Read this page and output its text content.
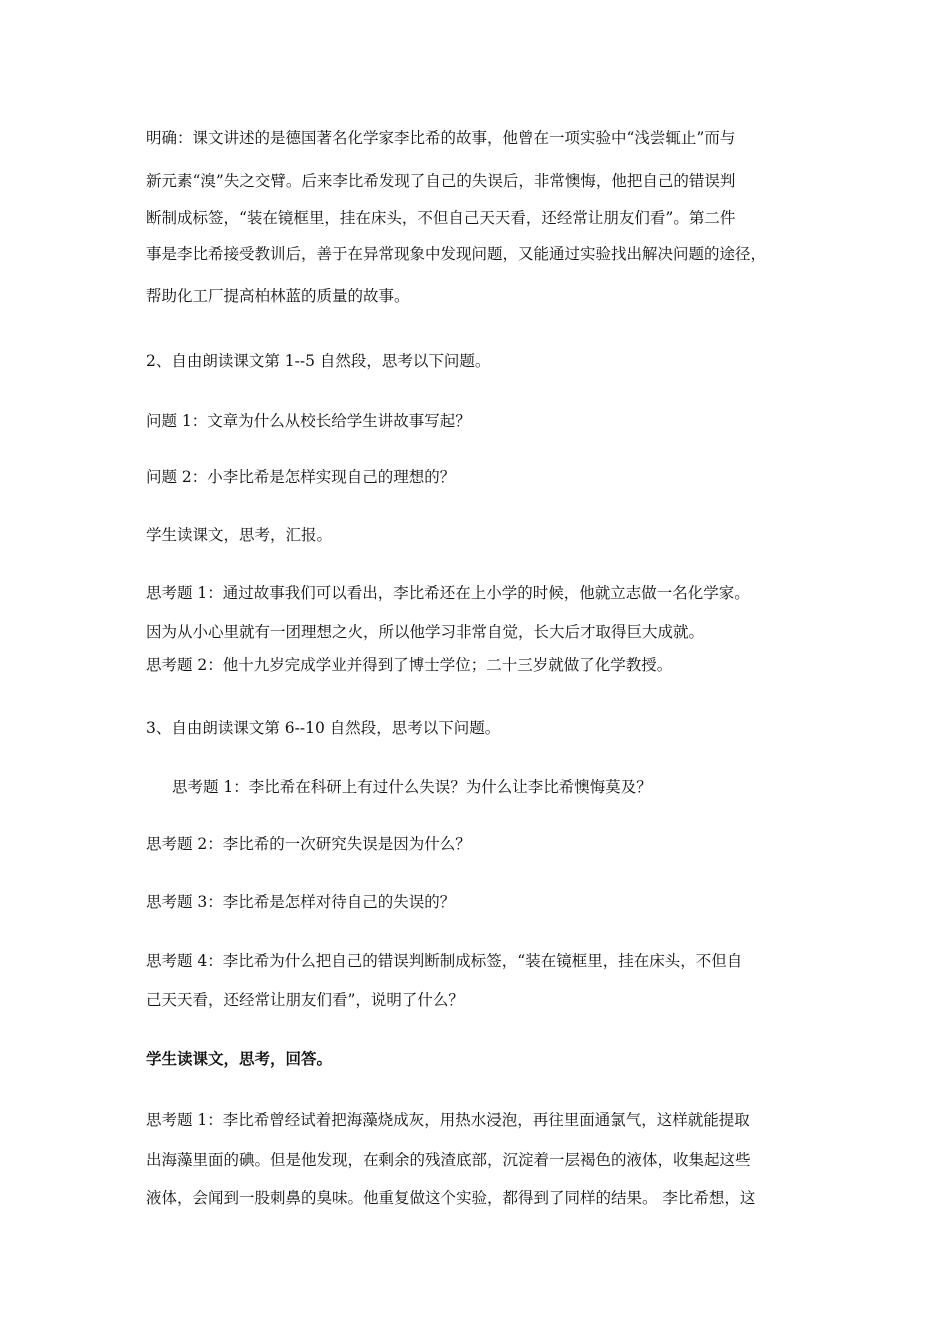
明确：课文讲述的是德国著名化学家李比希的故事，他曾在一项实验中“浅尝辄止”而与
新元素“溴”失之交臂。后来李比希发现了自己的失误后，非常懊悔，他把自己的错误判
断制成标签，“装在镜框里，挂在床头，不但自己天天看，还经常让朋友们看”。第二件
事是李比希接受教训后，善于在异常现象中发现问题，又能通过实验找出解决问题的途径，
帮助化工厂提高柏林蓝的质量的故事。
2、自由朗读课文第 1--5 自然段，思考以下问题。
问题 1：文章为什么从校长给学生讲故事写起？
问题 2：小李比希是怎样实现自己的理想的？
学生读课文，思考，汇报。
思考题 1：通过故事我们可以看出，李比希还在上小学的时候，他就立志做一名化学家。
因为从小心里就有一团理想之火，所以他学习非常自觉，长大后才取得巨大成就。
思考题 2：他十九岁完成学业并得到了博士学位；二十三岁就做了化学教授。
3、自由朗读课文第 6--10 自然段，思考以下问题。
思考题 1：李比希在科研上有过什么失误？为什么让李比希懊悔莫及？
思考题 2：李比希的一次研究失误是因为什么？
思考题 3：李比希是怎样对待自己的失误的？
思考题 4：李比希为什么把自己的错误判断制成标签，“装在镜框里，挂在床头，不但自
己天天看，还经常让朋友们看”，说明了什么？
学生读课文，思考，回答。
思考题 1：李比希曾经试着把海藻烧成灰，用热水浸泡，再往里面通氯气，这样就能提取
出海藻里面的碘。但是他发现，在剩余的残渣底部，沉淀着一层褐色的液体，收集起这些
液体，会闻到一股刺鼻的臭味。他重复做这个实验，都得到了同样的结果。 李比希想，这
